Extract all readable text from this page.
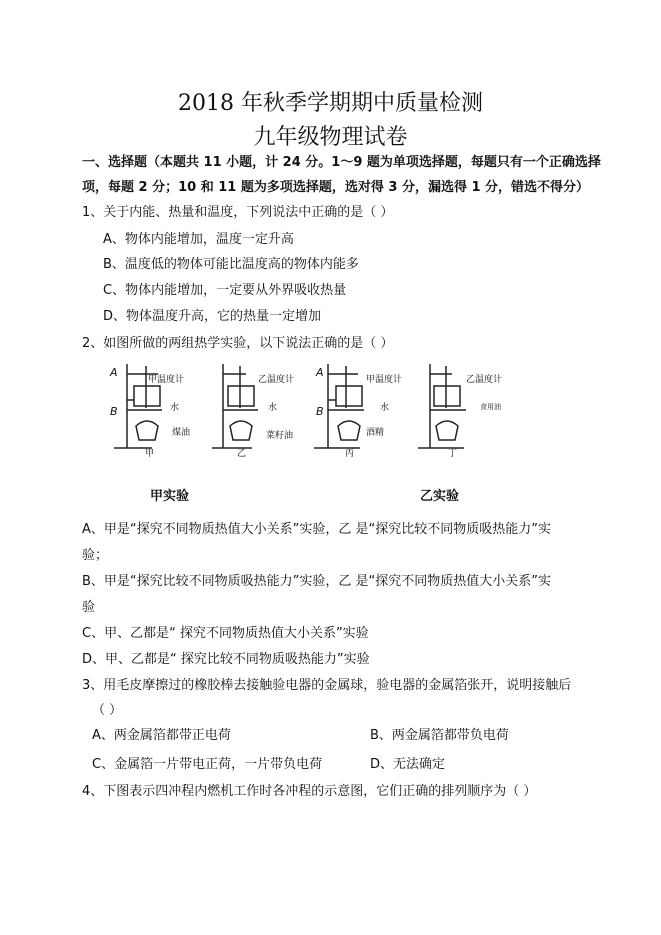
2018 年秋季学期期中质量检测
九年级物理试卷
一、选择题（本题共 11 小题，计 24 分。1～9 题为单项选择题，每题只有一个正确选择项，每题 2 分；10 和 11 题为多项选择题，选对得 3 分，漏选得 1 分，错选不得分）
1、关于内能、热量和温度，下列说法中正确的是（ ）
A、物体内能增加，温度一定升高
B、温度低的物体可能比温度高的物体内能多
C、物体内能增加，一定要从外界吸收热量
D、物体温度升高，它的热量一定增加
2、如图所做的两组热学实验，以下说法正确的是（ ）
A
B
甲温度计
水
煤油
甲
乙温度计
水
菜籽油
乙
A
B
甲温度计
水
酒精
丙
乙温度计
食用油
丁
甲实验	乙实验
A、甲是“探究不同物质热值大小关系”实验，乙 是“探究比较不同物质吸热能力”实
验；
B、甲是“探究比较不同物质吸热能力”实验，乙 是“探究不同物质热值大小关系”实
验
C、甲、乙都是“ 探究不同物质热值大小关系”实验
D、甲、乙都是“ 探究比较不同物质吸热能力”实验
3、用毛皮摩擦过的橡胶棒去接触验电器的金属球，验电器的金属箔张开，说明接触后
（ ）
A、两金属箔都带正电荷	B、两金属箔都带负电荷
C、金属箔一片带电正荷，一片带负电荷	D、无法确定
4、下图表示四冲程内燃机工作时各冲程的示意图，它们正确的排列顺序为（ ）
